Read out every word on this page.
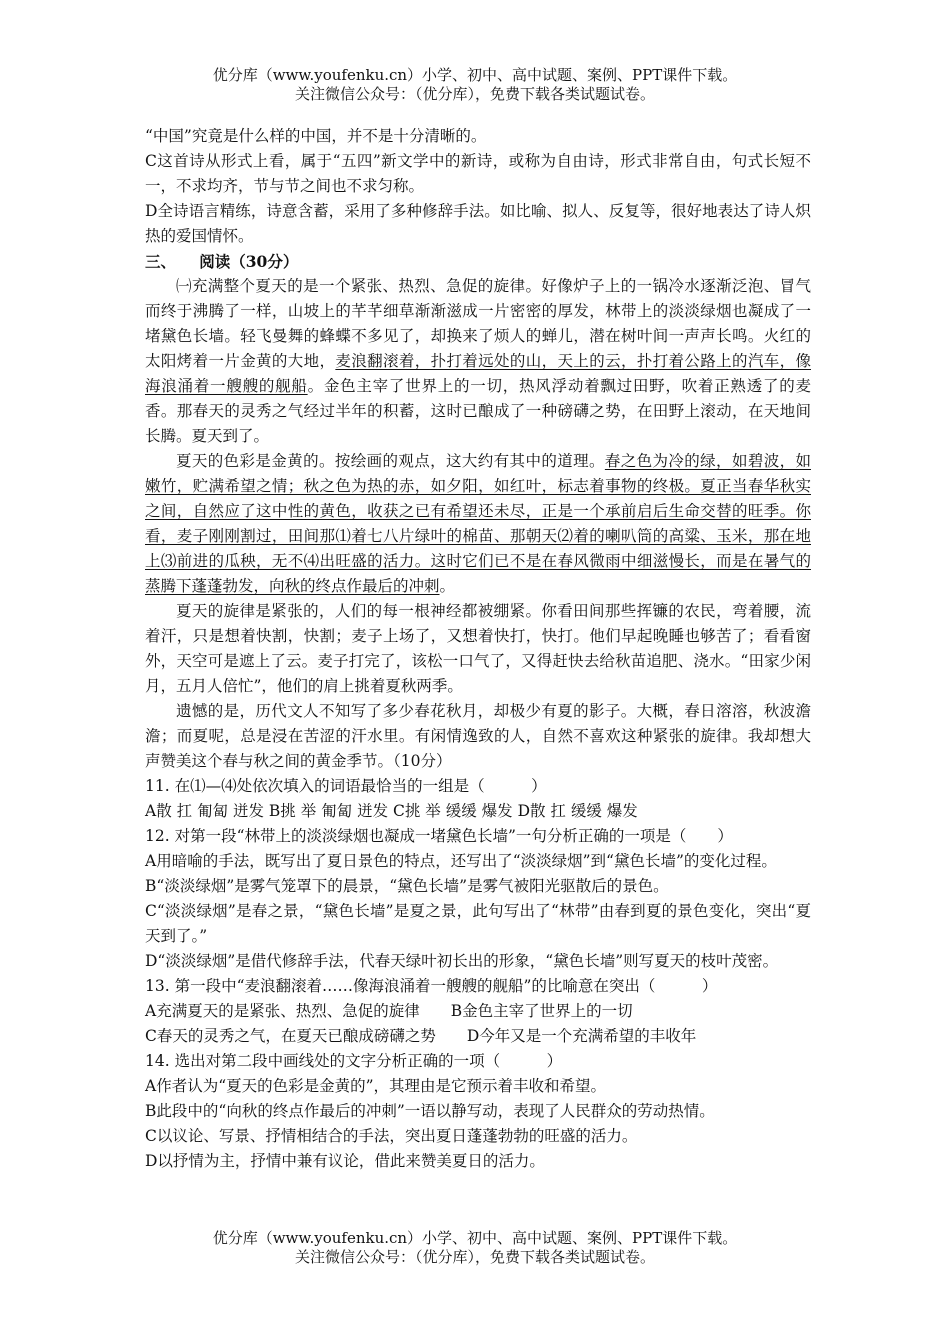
优分库（www.youfenku.cn）小学、初中、高中试题、案例、PPT课件下载。
关注微信公众号：（优分库），免费下载各类试题试卷。

“中国”究竟是什么样的中国，并不是十分清晰的。

C这首诗从形式上看，属于“五四”新文学中的新诗，或称为自由诗，形式非常自由，句式长短不一，不求均齐，节与节之间也不求匀称。

D全诗语言精练，诗意含蓄，采用了多种修辞手法。如比喻、拟人、反复等，很好地表达了诗人炽热的爱国情怀。

三、　　阅读（30分）

㈠充满整个夏天的是一个紧张、热烈、急促的旋律。好像炉子上的一锅冷水逐渐泛泡、冒气而终于沸腾了一样，山坡上的芊芊细草渐渐滋成一片密密的厚发，林带上的淡淡绿烟也凝成了一堵黛色长墙。轻飞曼舞的蜂蝶不多见了，却换来了烦人的蝉儿，潜在树叶间一声声长鸣。火红的太阳烤着一片金黄的大地，麦浪翻滚着，扑打着远处的山，天上的云，扑打着公路上的汽车，像海浪涌着一艘艘的舰船。金色主宰了世界上的一切，热风浮动着飘过田野，吹着正熟透了的麦香。那春天的灵秀之气经过半年的积蓄，这时已酿成了一种磅礴之势，在田野上滚动，在天地间长腾。夏天到了。

夏天的色彩是金黄的。按绘画的观点，这大约有其中的道理。春之色为冷的绿，如碧波，如嫩竹，贮满希望之情；秋之色为热的赤，如夕阳，如红叶，标志着事物的终极。夏正当春华秋实之间，自然应了这中性的黄色，收获之已有希望还未尽，正是一个承前启后生命交替的旺季。你看，麦子刚刚割过，田间那⑴着七八片绿叶的棉苗、那朝天⑵着的喇叭筒的高粱、玉米，那在地上⑶前进的瓜秧，无不⑷出旺盛的活力。这时它们已不是在春风微雨中细滋慢长，而是在暑气的蒸腾下蓬蓬勃发，向秋的终点作最后的冲刺。

夏天的旋律是紧张的，人们的每一根神经都被绷紧。你看田间那些挥镰的农民，弯着腰，流着汗，只是想着快割，快割；麦子上场了，又想着快打，快打。他们早起晚睡也够苦了；看看窗外，天空可是遮上了云。麦子打完了，该松一口气了，又得赶快去给秋苗追肥、浇水。“田家少闲月，五月人倍忙”，他们的肩上挑着夏秋两季。

遗憾的是，历代文人不知写了多少春花秋月，却极少有夏的影子。大概，春日溶溶，秋波澹澹；而夏呢，总是浸在苦涩的汗水里。有闲情逸致的人，自然不喜欢这种紧张的旋律。我却想大声赞美这个春与秋之间的黄金季节。（10分）

11. 在⑴—⑷处依次填入的词语最恰当的一组是（　　　）

A散 扛 匍匐 迸发 B挑 举 匍匐 迸发 C挑 举 缓缓 爆发 D散 扛 缓缓 爆发

12. 对第一段“林带上的淡淡绿烟也凝成一堵黛色长墙”一句分析正确的一项是（　　）

A用暗喻的手法，既写出了夏日景色的特点，还写出了“淡淡绿烟”到“黛色长墙”的变化过程。

B“淡淡绿烟”是雾气笼罩下的晨景，“黛色长墙”是雾气被阳光驱散后的景色。

C“淡淡绿烟”是春之景，“黛色长墙”是夏之景，此句写出了“林带”由春到夏的景色变化，突出“夏天到了。”

D“淡淡绿烟”是借代修辞手法，代春天绿叶初长出的形象，“黛色长墙”则写夏天的枝叶茂密。

13. 第一段中“麦浪翻滚着……像海浪涌着一艘艘的舰船”的比喻意在突出（　　　）

A充满夏天的是紧张、热烈、急促的旋律　　B金色主宰了世界上的一切

C春天的灵秀之气，在夏天已酿成磅礴之势　　D今年又是一个充满希望的丰收年

14. 选出对第二段中画线处的文字分析正确的一项（　　　）

A作者认为“夏天的色彩是金黄的”，其理由是它预示着丰收和希望。

B此段中的“向秋的终点作最后的冲刺”一语以静写动，表现了人民群众的劳动热情。

C以议论、写景、抒情相结合的手法，突出夏日蓬蓬勃勃的旺盛的活力。

D以抒情为主，抒情中兼有议论，借此来赞美夏日的活力。

优分库（www.youfenku.cn）小学、初中、高中试题、案例、PPT课件下载。
关注微信公众号：（优分库），免费下载各类试题试卷。
